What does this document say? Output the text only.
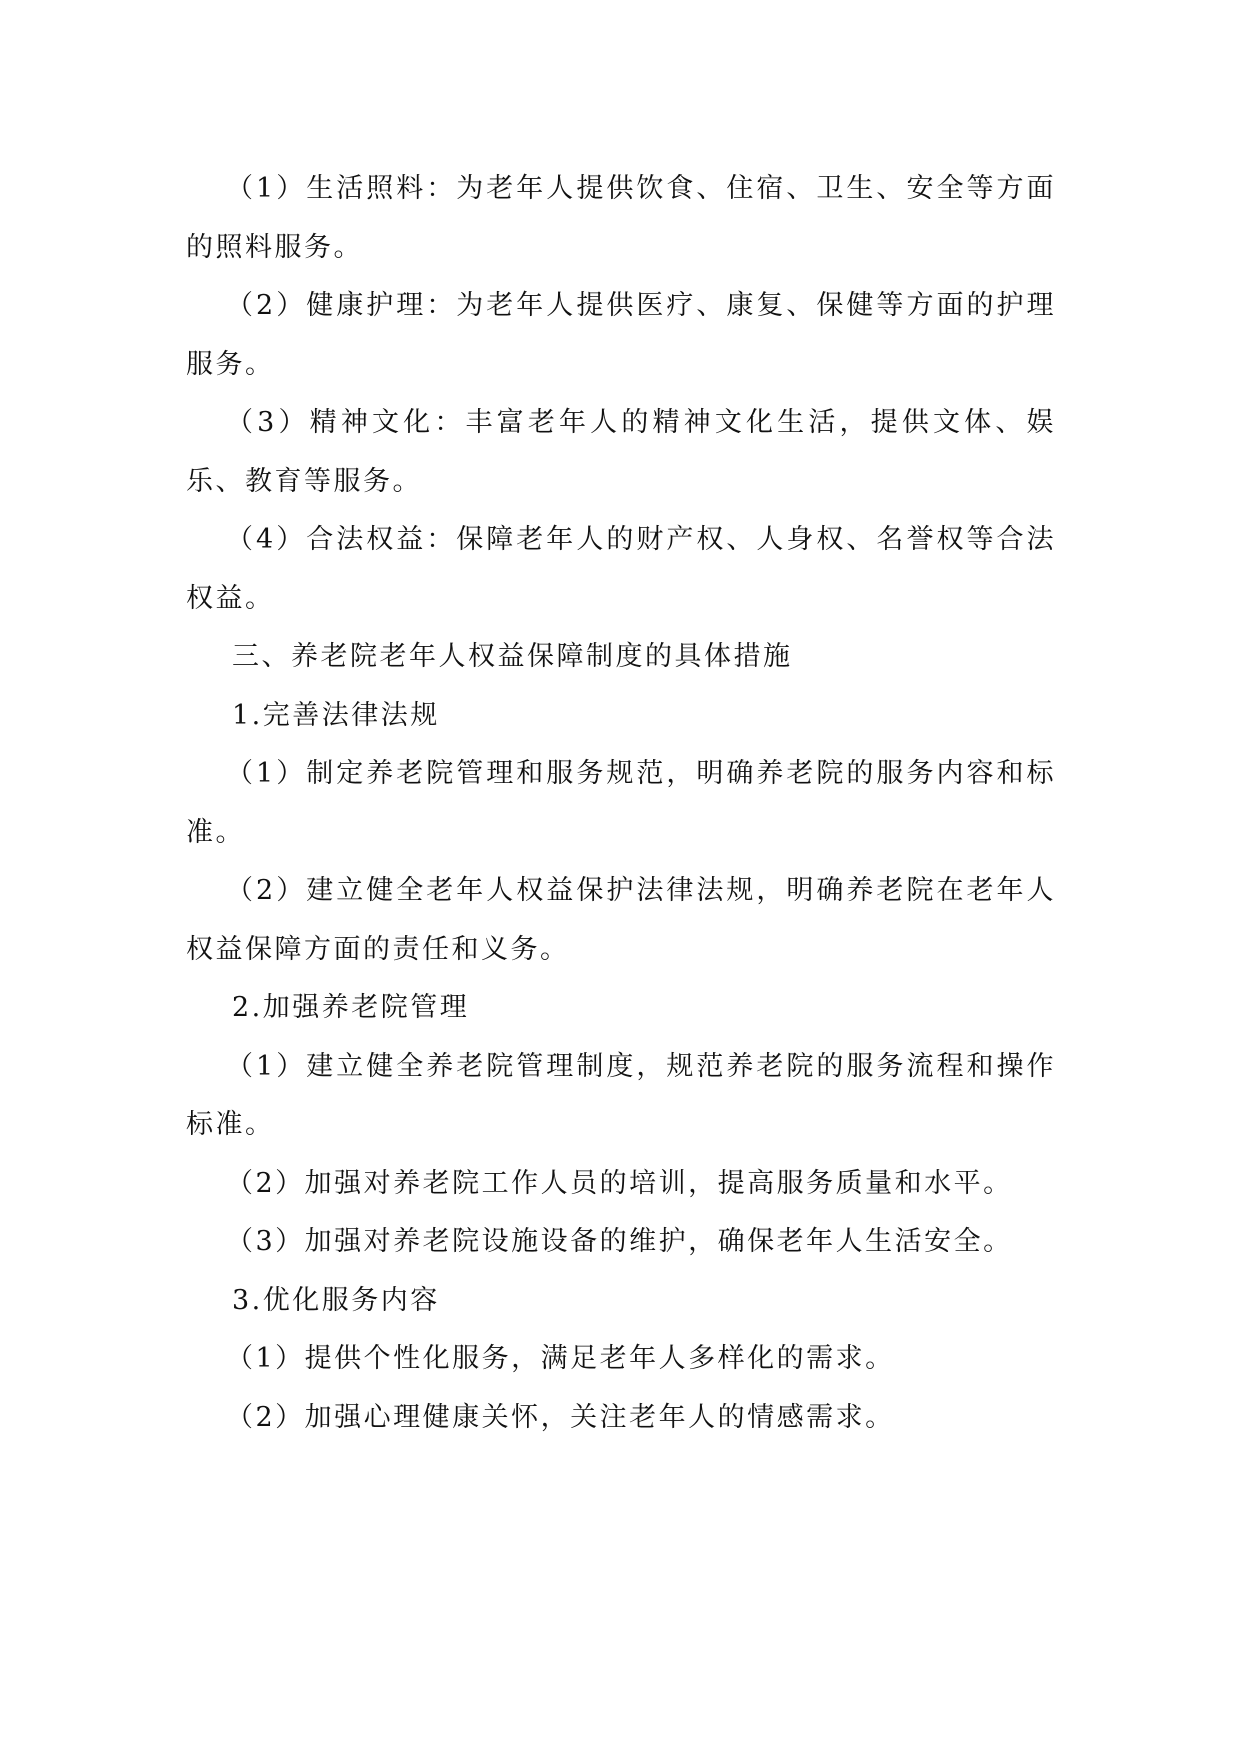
（1）生活照料：为老年人提供饮食、住宿、卫生、安全等方面的照料服务。

（2）健康护理：为老年人提供医疗、康复、保健等方面的护理服务。

（3）精神文化：丰富老年人的精神文化生活，提供文体、娱乐、教育等服务。

（4）合法权益：保障老年人的财产权、人身权、名誉权等合法权益。

三、养老院老年人权益保障制度的具体措施

1.完善法律法规

（1）制定养老院管理和服务规范，明确养老院的服务内容和标准。

（2）建立健全老年人权益保护法律法规，明确养老院在老年人权益保障方面的责任和义务。

2.加强养老院管理

（1）建立健全养老院管理制度，规范养老院的服务流程和操作标准。

（2）加强对养老院工作人员的培训，提高服务质量和水平。

（3）加强对养老院设施设备的维护，确保老年人生活安全。

3.优化服务内容

（1）提供个性化服务，满足老年人多样化的需求。

（2）加强心理健康关怀，关注老年人的情感需求。
